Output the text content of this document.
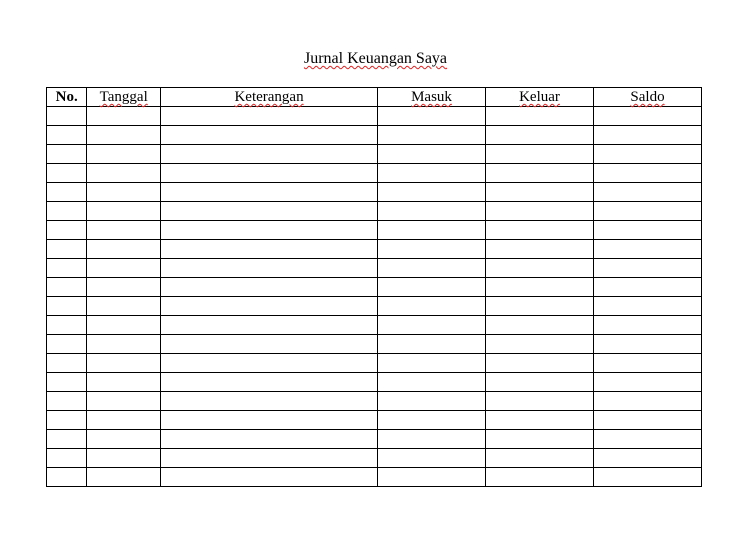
Jurnal Keuangan Saya
No.	Tanggal	Keterangan	Masuk	Keluar	Saldo
